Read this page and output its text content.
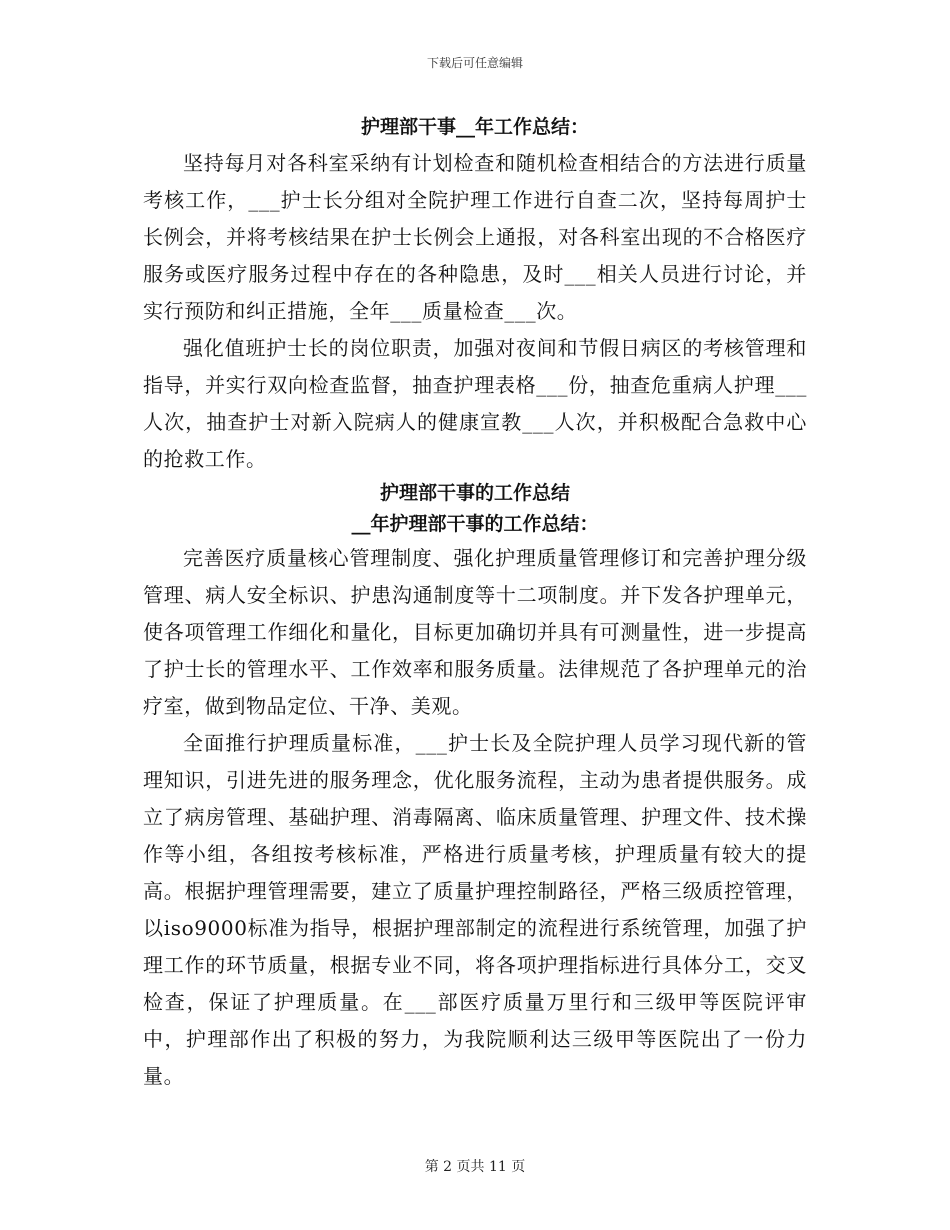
下载后可任意编辑

护理部干事__年工作总结：

坚持每月对各科室采纳有计划检查和随机检查相结合的方法进行质量考核工作，___护士长分组对全院护理工作进行自查二次，坚持每周护士长例会，并将考核结果在护士长例会上通报，对各科室出现的不合格医疗服务或医疗服务过程中存在的各种隐患，及时___相关人员进行讨论，并实行预防和纠正措施，全年___质量检查___次。

强化值班护士长的岗位职责，加强对夜间和节假日病区的考核管理和指导，并实行双向检查监督，抽查护理表格___份，抽查危重病人护理___人次，抽查护士对新入院病人的健康宣教___人次，并积极配合急救中心的抢救工作。

护理部干事的工作总结

__年护理部干事的工作总结：

完善医疗质量核心管理制度、强化护理质量管理修订和完善护理分级管理、病人安全标识、护患沟通制度等十二项制度。并下发各护理单元，使各项管理工作细化和量化，目标更加确切并具有可测量性，进一步提高了护士长的管理水平、工作效率和服务质量。法律规范了各护理单元的治疗室，做到物品定位、干净、美观。

全面推行护理质量标准，___护士长及全院护理人员学习现代新的管理知识，引进先进的服务理念，优化服务流程，主动为患者提供服务。成立了病房管理、基础护理、消毒隔离、临床质量管理、护理文件、技术操作等小组，各组按考核标准，严格进行质量考核，护理质量有较大的提高。根据护理管理需要，建立了质量护理控制路径，严格三级质控管理，以iso9000标准为指导，根据护理部制定的流程进行系统管理，加强了护理工作的环节质量，根据专业不同，将各项护理指标进行具体分工，交叉检查，保证了护理质量。在___部医疗质量万里行和三级甲等医院评审中，护理部作出了积极的努力，为我院顺利达三级甲等医院出了一份力量。

第 2 页共 11 页
